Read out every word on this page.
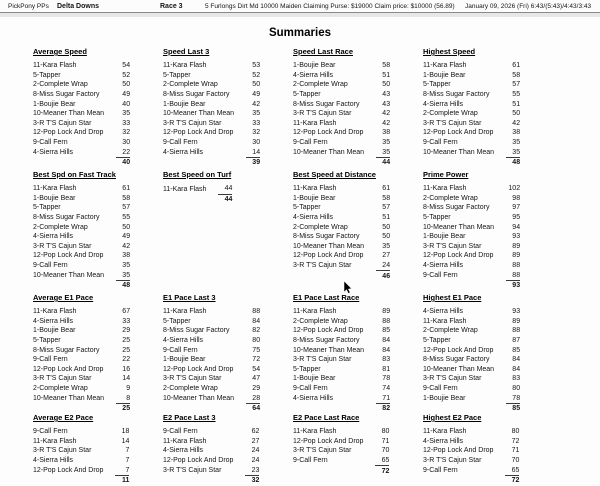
PickPony PPs Delta Downs	Race 3	5 Furlongs Dirt Md 10000 Maiden Claiming Purse: $19000 Claim price: $10000 (56.89) January 09, 2026 (Fri) 6:43/(5:43)/4:43/3:43
Summaries
Average Speed
11-Kara Flash	54
5-Tapper	52
2-Complete Wrap	50
8-Miss Sugar Factory	49
1-Boujie Bear	40
10-Meaner Than Mean	35
3-R T'S Cajun Star	33
12-Pop Lock And Drop	32
9-Call Fern	30
4-Sierra Hills	22
	40
Speed Last 3
11-Kara Flash	53
5-Tapper	52
2-Complete Wrap	50
8-Miss Sugar Factory	49
1-Boujie Bear	42
10-Meaner Than Mean	35
3-R T'S Cajun Star	33
12-Pop Lock And Drop	32
9-Call Fern	30
4-Sierra Hills	14
	39
Speed Last Race
1-Boujie Bear	58
4-Sierra Hills	51
2-Complete Wrap	50
5-Tapper	43
8-Miss Sugar Factory	43
3-R T'S Cajun Star	42
11-Kara Flash	42
12-Pop Lock And Drop	38
9-Call Fern	35
10-Meaner Than Mean	35
	44
Highest Speed
11-Kara Flash	61
1-Boujie Bear	58
5-Tapper	57
8-Miss Sugar Factory	55
4-Sierra Hills	51
2-Complete Wrap	50
3-R T'S Cajun Star	42
12-Pop Lock And Drop	38
9-Call Fern	35
10-Meaner Than Mean	35
	48
Best Spd on Fast Track
11-Kara Flash	61
1-Boujie Bear	58
5-Tapper	57
8-Miss Sugar Factory	55
2-Complete Wrap	50
4-Sierra Hills	49
3-R T'S Cajun Star	42
12-Pop Lock And Drop	38
9-Call Fern	35
10-Meaner Than Mean	35
	48
Best Speed on Turf
11-Kara Flash	44
	44
Best Speed at Distance
11-Kara Flash	61
1-Boujie Bear	58
5-Tapper	57
4-Sierra Hills	51
2-Complete Wrap	50
8-Miss Sugar Factory	50
10-Meaner Than Mean	35
12-Pop Lock And Drop	27
3-R T'S Cajun Star	24
	46
Prime Power
11-Kara Flash	102
2-Complete Wrap	98
8-Miss Sugar Factory	97
5-Tapper	95
10-Meaner Than Mean	94
1-Boujie Bear	93
3-R T'S Cajun Star	89
12-Pop Lock And Drop	89
4-Sierra Hills	88
9-Call Fern	88
	93
Average E1 Pace
11-Kara Flash	67
4-Sierra Hills	33
1-Boujie Bear	29
5-Tapper	25
8-Miss Sugar Factory	25
9-Call Fern	22
12-Pop Lock And Drop	16
3-R T'S Cajun Star	14
2-Complete Wrap	9
10-Meaner Than Mean	8
	25
E1 Pace Last 3
11-Kara Flash	88
5-Tapper	84
8-Miss Sugar Factory	82
4-Sierra Hills	80
9-Call Fern	75
1-Boujie Bear	72
12-Pop Lock And Drop	54
3-R T'S Cajun Star	47
2-Complete Wrap	29
10-Meaner Than Mean	28
	64
E1 Pace Last Race
11-Kara Flash	89
2-Complete Wrap	88
12-Pop Lock And Drop	85
8-Miss Sugar Factory	84
10-Meaner Than Mean	84
3-R T'S Cajun Star	83
5-Tapper	81
1-Boujie Bear	78
9-Call Fern	74
4-Sierra Hills	71
	82
Highest E1 Pace
4-Sierra Hills	93
11-Kara Flash	89
2-Complete Wrap	88
5-Tapper	87
12-Pop Lock And Drop	85
8-Miss Sugar Factory	84
10-Meaner Than Mean	84
3-R T'S Cajun Star	83
9-Call Fern	80
1-Boujie Bear	78
	85
Average E2 Pace
9-Call Fern	18
11-Kara Flash	14
3-R T'S Cajun Star	7
4-Sierra Hills	7
12-Pop Lock And Drop	7
	11
E2 Pace Last 3
9-Call Fern	62
11-Kara Flash	27
4-Sierra Hills	24
12-Pop Lock And Drop	24
3-R T'S Cajun Star	23
	32
E2 Pace Last Race
11-Kara Flash	80
12-Pop Lock And Drop	71
3-R T'S Cajun Star	70
9-Call Fern	65
	72
Highest E2 Pace
11-Kara Flash	80
4-Sierra Hills	72
12-Pop Lock And Drop	71
3-R T'S Cajun Star	70
9-Call Fern	65
	72
